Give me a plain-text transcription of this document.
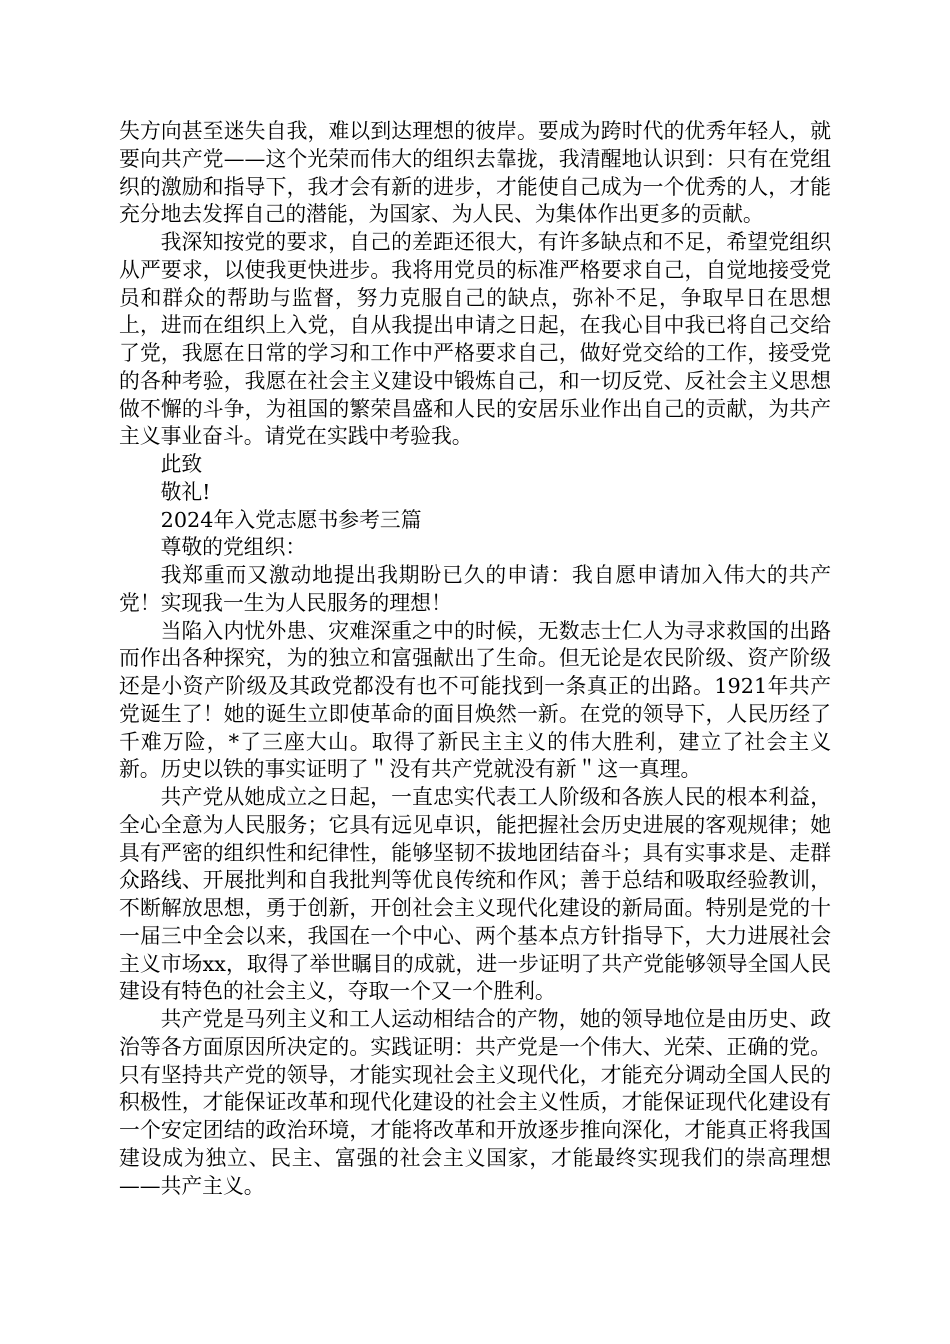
失方向甚至迷失自我，难以到达理想的彼岸。要成为跨时代的优秀年轻人，就要向共产党——这个光荣而伟大的组织去靠拢，我清醒地认识到：只有在党组织的激励和指导下，我才会有新的进步，才能使自己成为一个优秀的人，才能充分地去发挥自己的潜能，为国家、为人民、为集体作出更多的贡献。

我深知按党的要求，自己的差距还很大，有许多缺点和不足，希望党组织从严要求，以使我更快进步。我将用党员的标准严格要求自己，自觉地接受党员和群众的帮助与监督，努力克服自己的缺点，弥补不足，争取早日在思想上，进而在组织上入党，自从我提出申请之日起，在我心目中我已将自己交给了党，我愿在日常的学习和工作中严格要求自己，做好党交给的工作，接受党的各种考验，我愿在社会主义建设中锻炼自己，和一切反党、反社会主义思想做不懈的斗争，为祖国的繁荣昌盛和人民的安居乐业作出自己的贡献，为共产主义事业奋斗。请党在实践中考验我。

此致

敬礼!

2024年入党志愿书参考三篇

尊敬的党组织：

我郑重而又激动地提出我期盼已久的申请：我自愿申请加入伟大的共产党！实现我一生为人民服务的理想！

当陷入内忧外患、灾难深重之中的时候，无数志士仁人为寻求救国的出路而作出各种探究，为的独立和富强献出了生命。但无论是农民阶级、资产阶级还是小资产阶级及其政党都没有也不可能找到一条真正的出路。1921年共产党诞生了！她的诞生立即使革命的面目焕然一新。在党的领导下，人民历经了千难万险，*了三座大山。取得了新民主主义的伟大胜利，建立了社会主义新。历史以铁的事实证明了＂没有共产党就没有新＂这一真理。

共产党从她成立之日起，一直忠实代表工人阶级和各族人民的根本利益，全心全意为人民服务；它具有远见卓识，能把握社会历史进展的客观规律；她具有严密的组织性和纪律性，能够坚韧不拔地团结奋斗；具有实事求是、走群众路线、开展批判和自我批判等优良传统和作风；善于总结和吸取经验教训，不断解放思想，勇于创新，开创社会主义现代化建设的新局面。特别是党的十一届三中全会以来，我国在一个中心、两个基本点方针指导下，大力进展社会主义市场xx，取得了举世瞩目的成就，进一步证明了共产党能够领导全国人民建设有特色的社会主义，夺取一个又一个胜利。

共产党是马列主义和工人运动相结合的产物，她的领导地位是由历史、政治等各方面原因所决定的。实践证明：共产党是一个伟大、光荣、正确的党。只有坚持共产党的领导，才能实现社会主义现代化，才能充分调动全国人民的积极性，才能保证改革和现代化建设的社会主义性质，才能保证现代化建设有一个安定团结的政治环境，才能将改革和开放逐步推向深化，才能真正将我国建设成为独立、民主、富强的社会主义国家，才能最终实现我们的崇高理想——共产主义。
